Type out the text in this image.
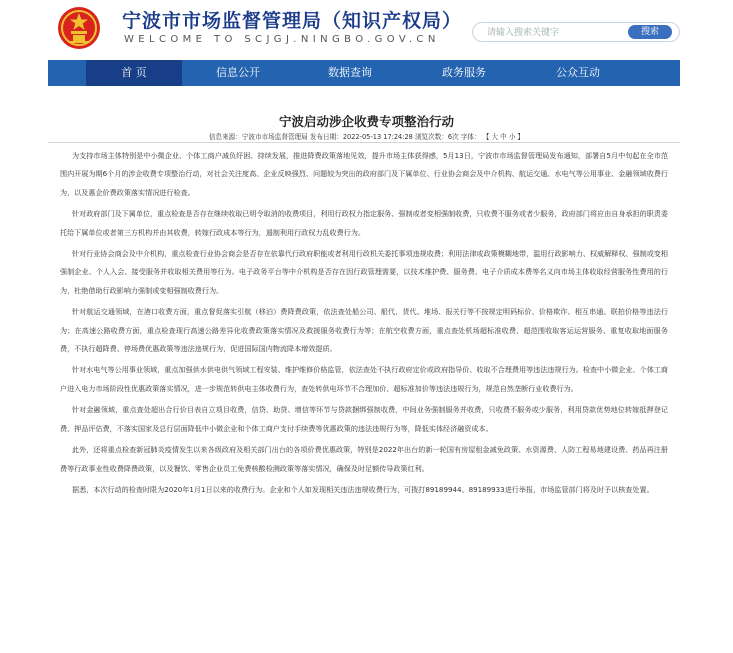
宁波市市场监督管理局（知识产权局）
WELCOME TO SCJGJ.NINGBO.GOV.CN
请输入搜索关键字
搜索
首 页	信息公开	数据查询	政务服务	公众互动
宁波启动涉企收费专项整治行动
信息来源：宁波市市场监督管理局 发布日期：2022-05-13 17:24:28 浏览次数：6次 字体： 【 大 中 小 】

为支持市场主体特别是中小微企业、个体工商户减负纾困、持续发展，推进降费政策落地见效，提升市场主体获得感，5月13日，宁波市市场监督管理局发布通知，部署自5月中旬起在全市范围内开展为期6个月的涉企收费专项整治行动，对社会关注度高、企业反映强烈、问题较为突出的政府部门及下属单位、行业协会商会及中介机构、航运交通、水电气等公用事业、金融领域收费行为，以及惠企价费政策落实情况进行检查。

针对政府部门及下属单位，重点检查是否存在继续收取已明令取消的收费项目，利用行政权力指定服务、强制或者变相强制收费，只收费不服务或者少服务，政府部门将应由自身承担的职责委托给下属单位或者第三方机构并由其收费，转嫁行政成本等行为，遏制利用行政权力乱收费行为。

针对行业协会商会及中介机构，重点检查行业协会商会是否存在依靠代行政府职能或者利用行政机关委托事项违规收费；利用法律或政策模糊地带，滥用行政影响力、权威解释权、强制或变相强制企业、个人入会、接受服务并收取相关费用等行为。电子政务平台等中介机构是否存在因行政管理需要，以技术维护费、服务费、电子介质成本费等名义向市场主体收取经营服务性费用的行为，杜绝借助行政影响力强制或变相强制收费行为。

针对航运交通领域，在港口收费方面，重点督促落实引航（移泊）费降费政策，依法查处船公司、船代、货代、堆场、报关行等不按规定明码标价、价格欺诈、相互串通、联拍价格等违法行为；在高速公路收费方面，重点检查现行高速公路差异化收费政策落实情况及救援服务收费行为等；在航空收费方面，重点查处机场超标准收费、超范围收取客运运营服务、重复收取地面服务费，不执行超降费、停场费优惠政策等违法违规行为，促进国际国内物流降本增效提质。

针对水电气等公用事业领域，重点加强供水供电供气领域工程安装、维护维修价格监管，依法查处不执行政府定价或政府指导价、收取不合理费用等违法违规行为。检查中小微企业、个体工商户进入电力市场阶段性优惠政策落实情况，进一步规范转供电主体收费行为，查处转供电环节不合理加价、超标准加价等违法违规行为，规范自然垄断行业收费行为。

针对金融领域，重点查处超出合行价目表自立项目收费，信贷、助贷、增信等环节与贷款捆绑强制收费，中间业务强制服务并收费，只收费不服务或少服务，利用贷款优势地位转嫁抵押登记费、押品评估费，不落实国家及总行层面降低中小微企业和个体工商户支付手续费等优惠政策的违法违规行为等，降低实体经济融资成本。

此外，还将重点检查新冠肺炎疫情发生以来各级政府及相关部门出台的各项价费优惠政策，特别是2022年出台的新一轮国有房屋租金减免政策、水资源费、人防工程易地建设费、药品再注册费等行政事业性收费降费政策，以及餐饮、零售企业员工免费核酸检测政策等落实情况，确保及时足额传导政策红利。

据悉，本次行动的检查时限为2020年1月1日以来的收费行为。企业和个人如发现相关违法违规收费行为，可拨打89189944、89189933进行举报，市场监管部门将及时予以核查处置。
